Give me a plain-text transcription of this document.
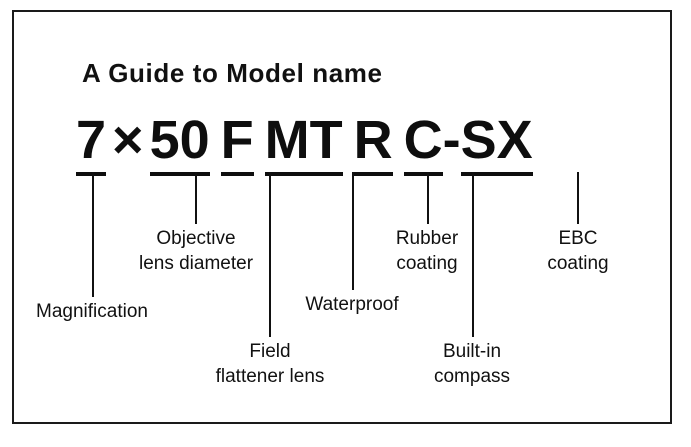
A Guide to Model name
7 × 50 F MT R C - SX
Magnification
Objective
lens diameter
Field
flattener lens
Waterproof
Rubber
coating
Built-in
compass
EBC
coating
